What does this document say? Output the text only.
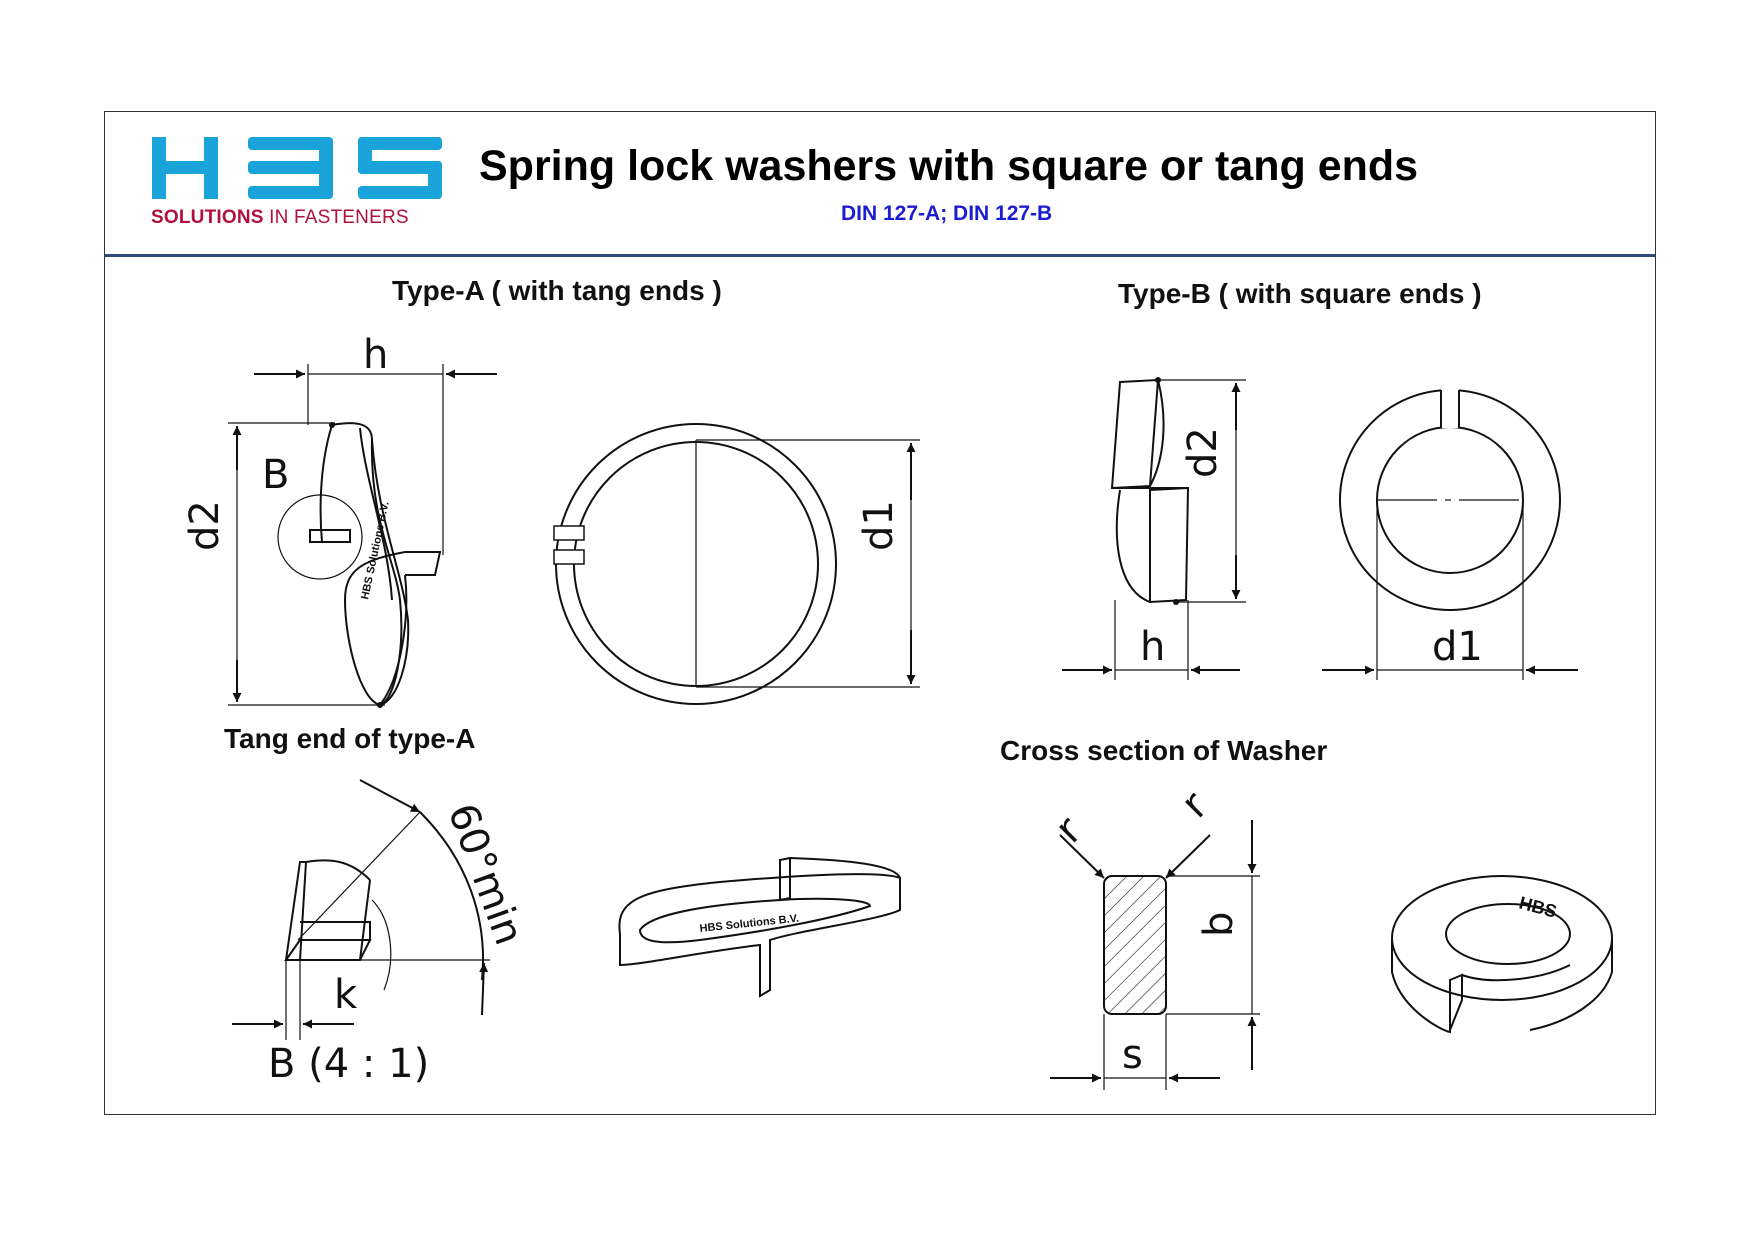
SOLUTIONS IN FASTENERS
Spring lock washers with square or tang ends
DIN 127-A; DIN 127-B
Type-A ( with tang ends )
h
d2
B
HBS Solutions B.V.	d1
Type-B ( with square ends )
d2
h	d1
Tang end of type-A
60°min
k
B (4 : 1)
HBS Solutions B.V.
Cross section of Washer
r
r
b
s
HBS
